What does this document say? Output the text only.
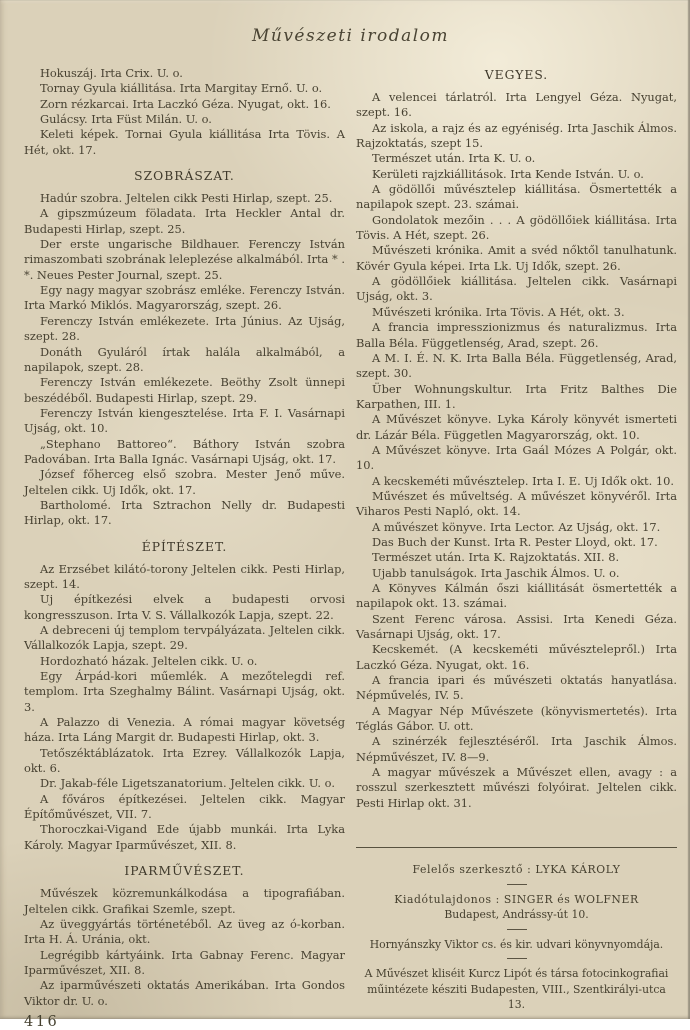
Művészeti irodalom

Hokuszáj. Irta Crix. U. o.

Tornay Gyula kiállitása. Irta Margitay Ernő. U. o.

Zorn rézkarcai. Irta Laczkó Géza. Nyugat, okt. 16.

Gulácsy. Irta Füst Milán. U. o.

Keleti képek. Tornai Gyula kiállitása Irta Tövis. A Hét, okt. 17.

SZOBRÁSZAT.

Hadúr szobra. Jeltelen cikk Pesti Hirlap, szept. 25.

A gipszmúzeum föladata. Irta Heckler Antal dr. Budapesti Hirlap, szept. 25.

Der erste ungarische Bildhauer. Ferenczy István rimaszombati szobrának leleplezése alkalmából. Irta * . *. Neues Pester Journal, szept. 25.

Egy nagy magyar szobrász emléke. Ferenczy István. Irta Markó Miklós. Magyarország, szept. 26.

Ferenczy István emlékezete. Irta Június. Az Ujság, szept. 28.

Donáth Gyuláról írtak halála alkalmából, a napilapok, szept. 28.

Ferenczy István emlékezete. Beöthy Zsolt ünnepi beszédéből. Budapesti Hirlap, szept. 29.

Ferenczy István kiengesztelése. Irta F. I. Vasárnapi Ujság, okt. 10.

„Stephano Battoreo“. Báthory István szobra Padovában. Irta Balla Ignác. Vasárnapi Ujság, okt. 17.

József főherceg első szobra. Mester Jenő műve. Jeltelen cikk. Uj Idők, okt. 17.

Bartholomé. Irta Sztrachon Nelly dr. Budapesti Hirlap, okt. 17.

ÉPÍTÉSZET.

Az Erzsébet kilátó-torony Jeltelen cikk. Pesti Hirlap, szept. 14.

Uj építkezési elvek a budapesti orvosi kongresszuson. Irta V. S. Vállalkozók Lapja, szept. 22.

A debreceni új templom tervpályázata. Jeltelen cikk. Vállalkozók Lapja, szept. 29.

Hordozható házak. Jeltelen cikk. U. o.

Egy Árpád-kori műemlék. A mezőtelegdi ref. templom. Irta Szeghalmy Bálint. Vasárnapi Ujság, okt. 3.

A Palazzo di Venezia. A római magyar követség háza. Irta Láng Margit dr. Budapesti Hirlap, okt. 3.

Tetőszéktáblázatok. Irta Ezrey. Vállalkozók Lapja, okt. 6.

Dr. Jakab-féle Ligetszanatorium. Jeltelen cikk. U. o.

A főváros építkezései. Jeltelen cikk. Magyar Építőművészet, VII. 7.

Thoroczkai-Vigand Ede újabb munkái. Irta Lyka Károly. Magyar Iparművészet, XII. 8.

IPARMŰVÉSZET.

Művészek közremunkálkodása a tipografiában. Jeltelen cikk. Grafikai Szemle, szept.

Az üveggyártás történetéből. Az üveg az ó-korban. Irta H. Á. Uránia, okt.

Legrégibb kártyáink. Irta Gabnay Ferenc. Magyar Iparművészet, XII. 8.

Az iparművészeti oktatás Amerikában. Irta Gondos Viktor dr. U. o.

416
VEGYES.

A velencei tárlatról. Irta Lengyel Géza. Nyugat, szept. 16.

Az iskola, a rajz és az egyéniség. Irta Jaschik Álmos. Rajzoktatás, szept 15.

Természet után. Irta K. U. o.

Kerületi rajzkiállitások. Irta Kende István. U. o.

A gödöllői művésztelep kiállitása. Ösmertették a napilapok szept. 23. számai.

Gondolatok mezőin . . . A gödöllőiek kiállitása. Irta Tövis. A Hét, szept. 26.

Művészeti krónika. Amit a svéd nőktől tanulhatunk. Kövér Gyula képei. Irta Lk. Uj Idők, szept. 26.

A gödöllőiek kiállitása. Jeltelen cikk. Vasárnapi Ujság, okt. 3.

Művészeti krónika. Irta Tövis. A Hét, okt. 3.

A francia impresszionizmus és naturalizmus. Irta Balla Béla. Függetlenség, Arad, szept. 26.

A M. I. É. N. K. Irta Balla Béla. Függetlenség, Arad, szept. 30.

Über Wohnungskultur. Irta Fritz Balthes Die Karpathen, III. 1.

A Művészet könyve. Lyka Károly könyvét ismerteti dr. Lázár Béla. Független Magyarország, okt. 10.

A Művészet könyve. Irta Gaál Mózes A Polgár, okt. 10.

A kecskeméti művésztelep. Irta I. E. Uj Idők okt. 10.

Művészet és műveltség. A művészet könyvéről. Irta Viharos Pesti Napló, okt. 14.

A művészet könyve. Irta Lector. Az Ujság, okt. 17.

Das Buch der Kunst. Irta R. Pester Lloyd, okt. 17.

Természet után. Irta K. Rajzoktatás. XII. 8.

Ujabb tanulságok. Irta Jaschik Álmos. U. o.

A Könyves Kálmán őszi kiállitását ösmertették a napilapok okt. 13. számai.

Szent Ferenc városa. Assisi. Irta Kenedi Géza. Vasárnapi Ujság, okt. 17.

Kecskemét. (A kecskeméti művésztelepről.) Irta Laczkó Géza. Nyugat, okt. 16.

A francia ipari és művészeti oktatás hanyatlása. Népművelés, IV. 5.

A Magyar Nép Művészete (könyvismertetés). Irta Téglás Gábor. U. ott.

A szinérzék fejlesztéséről. Irta Jaschik Álmos. Népművészet, IV. 8—9.

A magyar művészek a Művészet ellen, avagy : a rosszul szerkesztett művészi folyóirat. Jeltelen cikk. Pesti Hirlap okt. 31.

Felelős szerkesztő : LYKA KÁROLY

Kiadótulajdonos : SINGER és WOLFNER

Budapest, Andrássy-út 10.

Hornyánszky Viktor cs. és kir. udvari könyvnyomdája.

A Művészet kliséit Kurcz Lipót és társa fotocinkografiai műintézete késziti Budapesten, VIII., Szentkirályi-utca 13.
